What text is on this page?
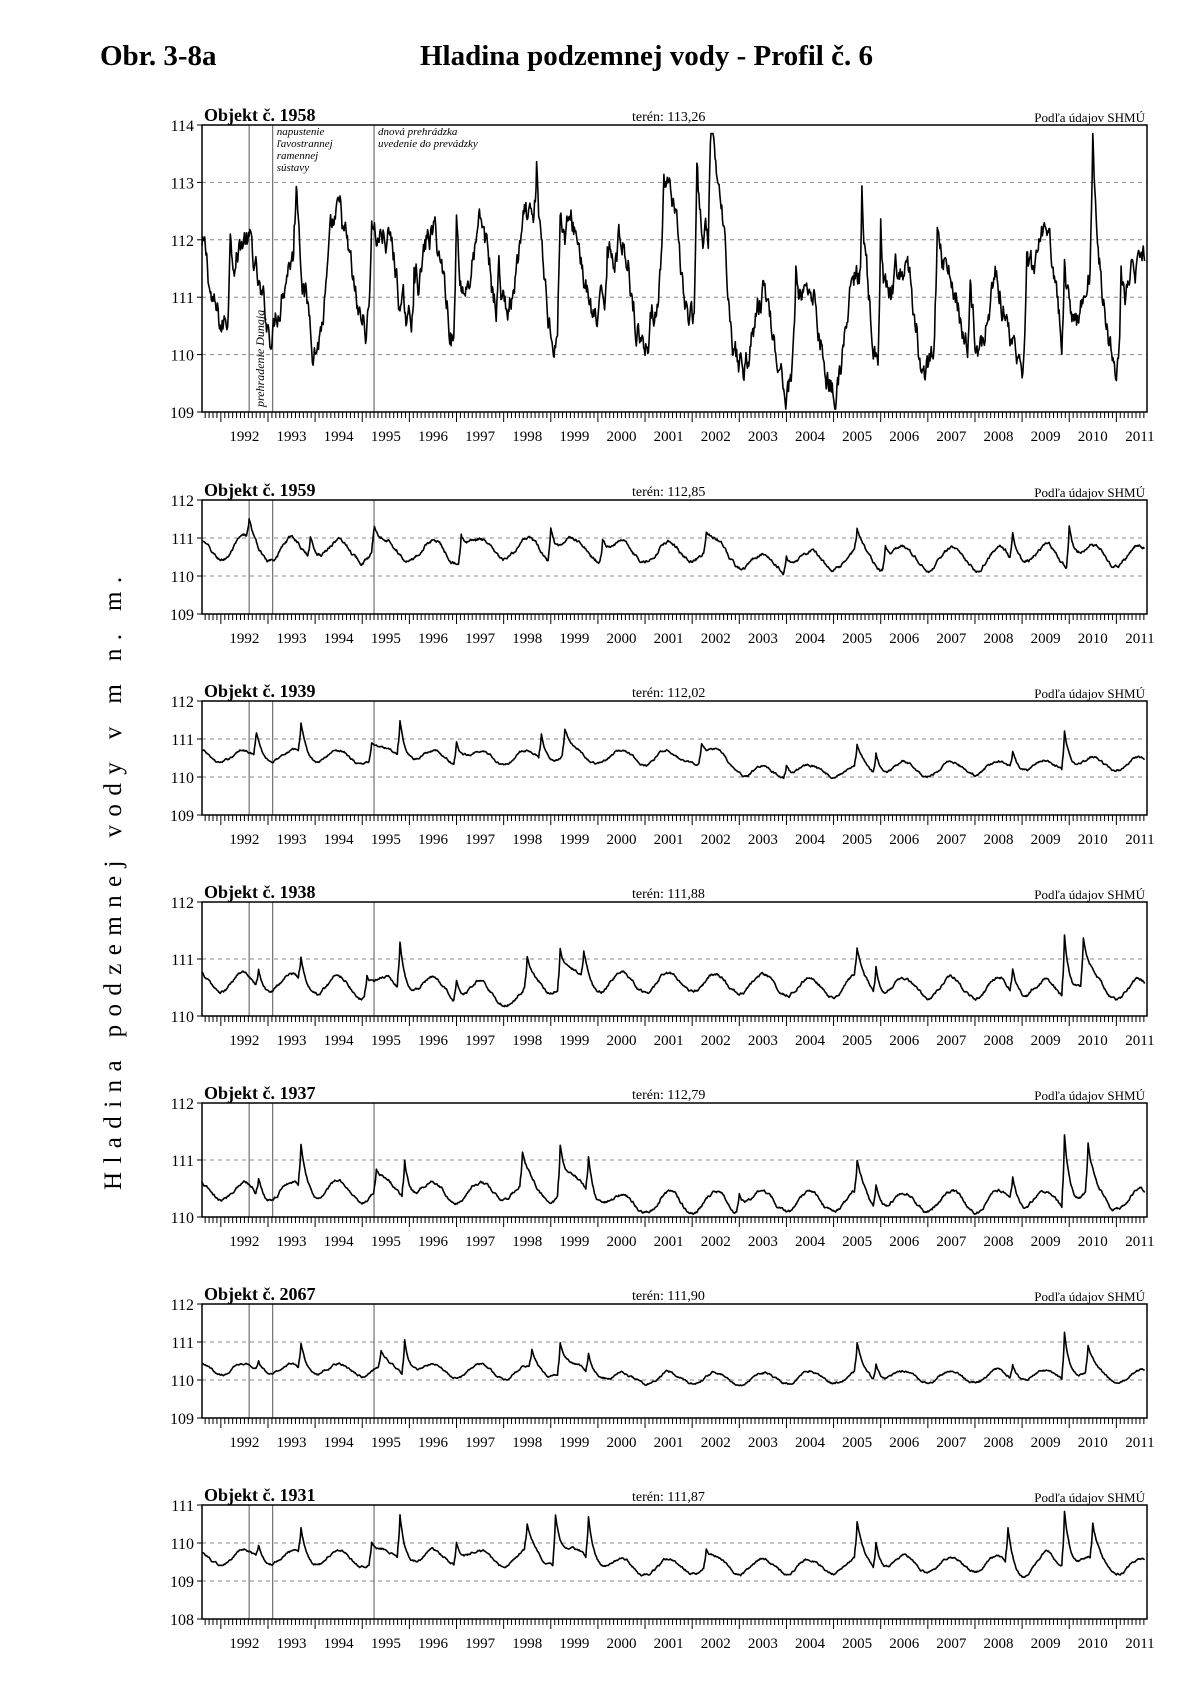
Obr. 3-8a	Hladina podzemnej vody - Profil č. 6
Hladina podzemnej vody v m n. m.
109
110
111
112
113
114
1992 1993 1994 1995 1996 1997 1998 1999 2000 2001 2002 2003 2004 2005 2006 2007 2008 2009 2010 2011
Objekt č. 1958	terén: 113,26	Podľa údajov SHMÚ
prehradenie Dunaja
napustenie ľavostrannej ramennej sústavy
dnová prehrádzka uvedenie do prevádzky
109
110
111
112
1992 1993 1994 1995 1996 1997 1998 1999 2000 2001 2002 2003 2004 2005 2006 2007 2008 2009 2010 2011
Objekt č. 1959	terén: 112,85	Podľa údajov SHMÚ
109
110
111
112
1992 1993 1994 1995 1996 1997 1998 1999 2000 2001 2002 2003 2004 2005 2006 2007 2008 2009 2010 2011
Objekt č. 1939	terén: 112,02	Podľa údajov SHMÚ
110
111
112
1992 1993 1994 1995 1996 1997 1998 1999 2000 2001 2002 2003 2004 2005 2006 2007 2008 2009 2010 2011
Objekt č. 1938	terén: 111,88	Podľa údajov SHMÚ
110
111
112
1992 1993 1994 1995 1996 1997 1998 1999 2000 2001 2002 2003 2004 2005 2006 2007 2008 2009 2010 2011
Objekt č. 1937	terén: 112,79	Podľa údajov SHMÚ
109
110
111
112
1992 1993 1994 1995 1996 1997 1998 1999 2000 2001 2002 2003 2004 2005 2006 2007 2008 2009 2010 2011
Objekt č. 2067	terén: 111,90	Podľa údajov SHMÚ
108
109
110
111
1992 1993 1994 1995 1996 1997 1998 1999 2000 2001 2002 2003 2004 2005 2006 2007 2008 2009 2010 2011
Objekt č. 1931	terén: 111,87	Podľa údajov SHMÚ
